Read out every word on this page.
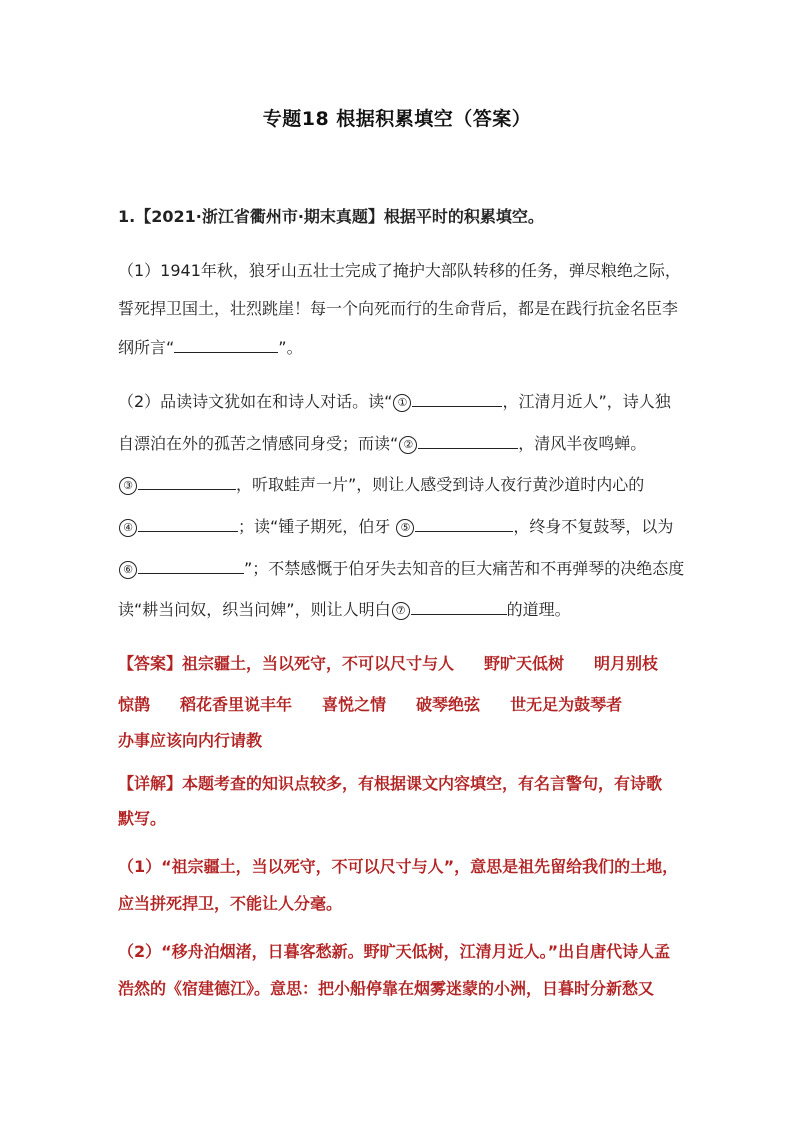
专题18 根据积累填空（答案）
1.【2021·浙江省衢州市·期末真题】根据平时的积累填空。
（1）1941年秋，狼牙山五壮士完成了掩护大部队转移的任务，弹尽粮绝之际，
誓死捍卫国土，壮烈跳崖！每一个向死而行的生命背后，都是在践行抗金名臣李
纲所言“	”。
（2）品读诗文犹如在和诗人对话。读“ ①	，江清月近人”，诗人独
自漂泊在外的孤苦之情感同身受；而读“ ②	，清风半夜鸣蝉。
③	，听取蛙声一片”，则让人感受到诗人夜行黄沙道时内心的
④	；读“锺子期死，伯牙 ⑤	，终身不复鼓琴，以为
⑥	”；不禁感慨于伯牙失去知音的巨大痛苦和不再弹琴的决绝态度
读“耕当问奴，织当问婢”，则让人明白 ⑦	的道理。
【答案】祖宗疆土，当以死守，不可以尺寸与人 野旷天低树 明月别枝
惊鹊 稻花香里说丰年 喜悦之情 破琴绝弦 世无足为鼓琴者
办事应该向内行请教
【详解】本题考查的知识点较多，有根据课文内容填空，有名言警句，有诗歌
默写。
（1）“祖宗疆土，当以死守，不可以尺寸与人”，意思是祖先留给我们的土地，
应当拼死捍卫，不能让人分毫。
（2）“移舟泊烟渚，日暮客愁新。野旷天低树，江清月近人。”出自唐代诗人孟
浩然的《宿建德江》。意思：把小船停靠在烟雾迷蒙的小洲，日暮时分新愁又
